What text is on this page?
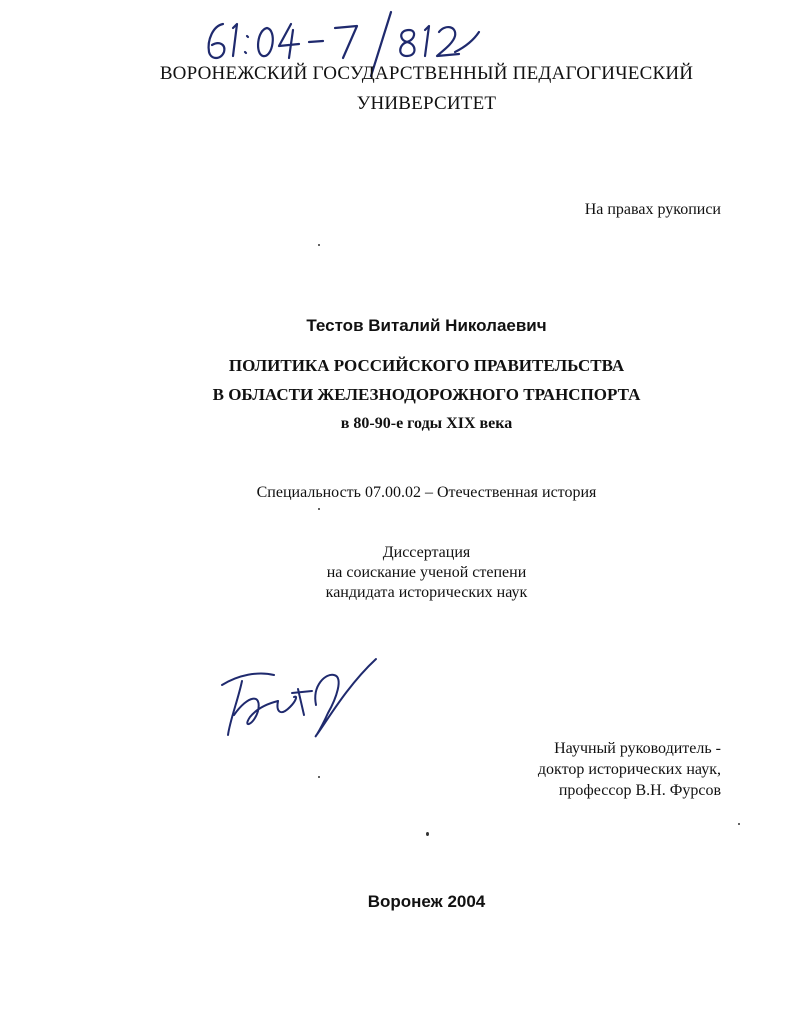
ВОРОНЕЖСКИЙ ГОСУДАРСТВЕННЫЙ ПЕДАГОГИЧЕСКИЙ
УНИВЕРСИТЕТ
На правах рукописи
Тестов Виталий Николаевич
ПОЛИТИКА РОССИЙСКОГО ПРАВИТЕЛЬСТВА
В ОБЛАСТИ ЖЕЛЕЗНОДОРОЖНОГО ТРАНСПОРТА
в 80-90-е годы XIX века
Специальность 07.00.02 – Отечественная история
Диссертация
на соискание ученой степени
кандидата исторических наук
Научный руководитель -
доктор исторических наук,
профессор В.Н. Фурсов
Воронеж 2004
